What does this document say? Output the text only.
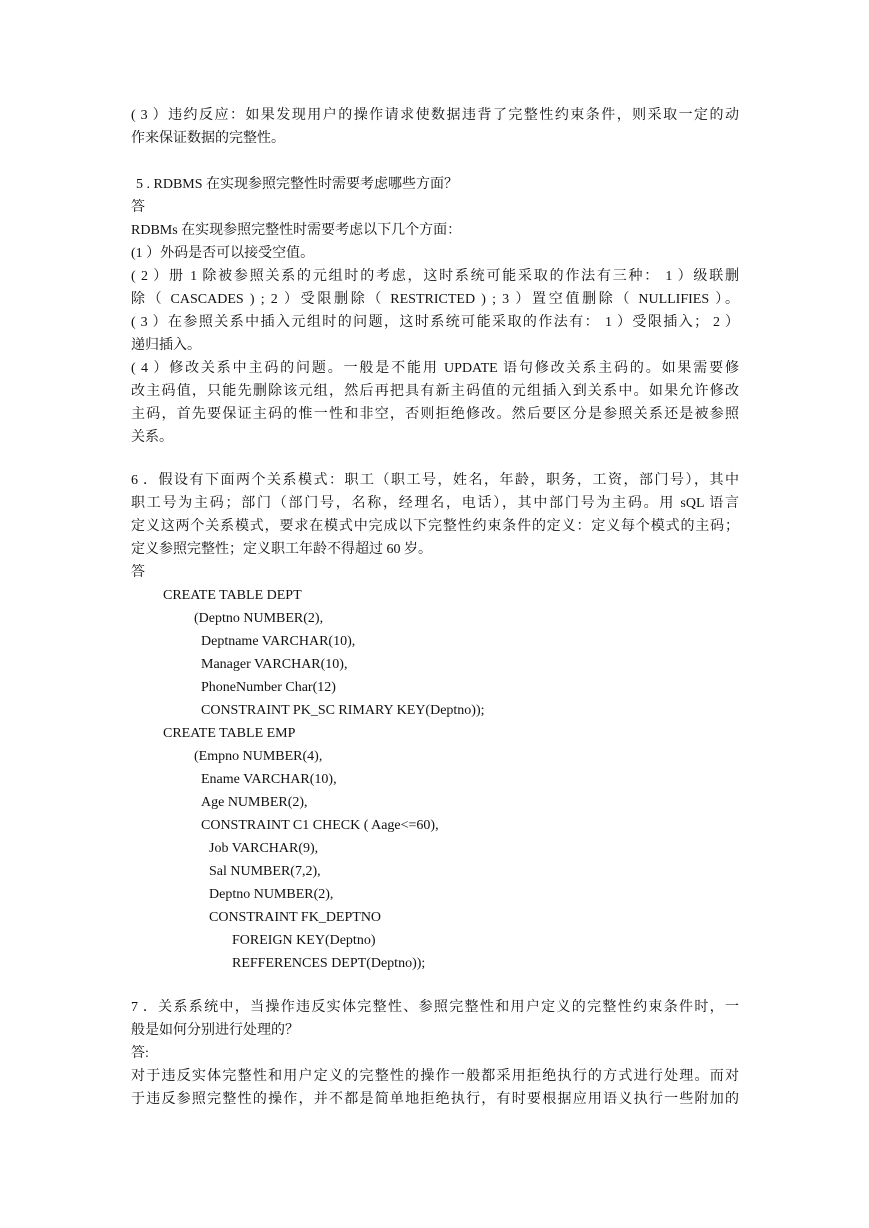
( 3 ）违约反应：如果发现用户的操作请求使数据违背了完整性约束条件，则采取一定的动
作来保证数据的完整性。
5 . RDBMS 在实现参照完整性时需要考虑哪些方面？
答
RDBMs 在实现参照完整性时需要考虑以下几个方面：
(1 ）外码是否可以接受空值。
( 2 ）册 1 除被参照关系的元组时的考虑，这时系统可能采取的作法有三种： 1 ）级联删
除（ CASCADES ) ; 2 ）受限删除（ RESTRICTED ) ; 3 ）置空值删除（ NULLIFIES ）。
( 3 ）在参照关系中插入元组时的问题，这时系统可能采取的作法有： 1 ）受限插入； 2 ）
递归插入。
( 4 ）修改关系中主码的问题。一般是不能用 UPDATE 语句修改关系主码的。如果需要修
改主码值，只能先删除该元组，然后再把具有新主码值的元组插入到关系中。如果允许修改
主码，首先要保证主码的惟一性和非空，否则拒绝修改。然后要区分是参照关系还是被参照
关系。
6 ．假设有下面两个关系模式：职工（职工号，姓名，年龄，职务，工资，部门号），其中
职工号为主码；部门（部门号，名称，经理名，电话），其中部门号为主码。用 sQL 语言
定义这两个关系模式，要求在模式中完成以下完整性约束条件的定义：定义每个模式的主码；
定义参照完整性；定义职工年龄不得超过 60 岁。
答
CREATE TABLE DEPT
(Deptno NUMBER(2),
Deptname VARCHAR(10),
Manager VARCHAR(10),
PhoneNumber Char(12)
CONSTRAINT PK_SC RIMARY KEY(Deptno));
CREATE TABLE EMP
(Empno NUMBER(4),
Ename VARCHAR(10),
Age NUMBER(2),
CONSTRAINT C1 CHECK ( Aage<=60),
Job VARCHAR(9),
Sal NUMBER(7,2),
Deptno NUMBER(2),
CONSTRAINT FK_DEPTNO
FOREIGN KEY(Deptno)
REFFERENCES DEPT(Deptno));
7 ．关系系统中，当操作违反实体完整性、参照完整性和用户定义的完整性约束条件时，一
般是如何分别进行处理的？
答:
对于违反实体完整性和用户定义的完整性的操作一般都采用拒绝执行的方式进行处理。而对
于违反参照完整性的操作，并不都是简单地拒绝执行，有时要根据应用语义执行一些附加的
